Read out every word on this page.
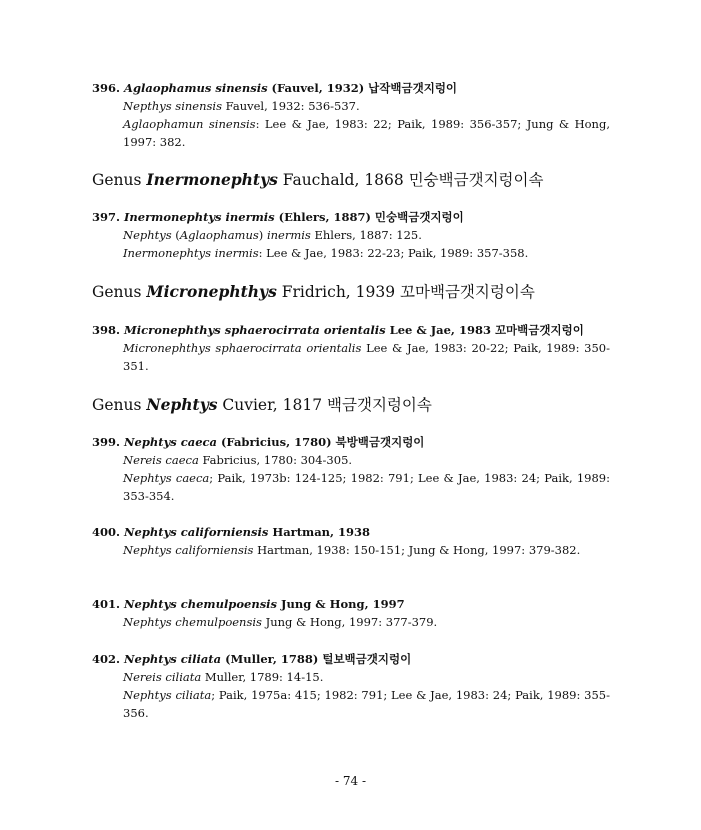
396. Aglaophamus sinensis (Fauvel, 1932) 납작백금갯지렁이
Nepthys sinensis Fauvel, 1932: 536-537.
Aglaophamun sinensis: Lee & Jae, 1983: 22; Paik, 1989: 356-357; Jung & Hong, 1997: 382.
Genus Inermonephtys Fauchald, 1868 민숭백금갯지렁이속
397. Inermonephtys inermis (Ehlers, 1887) 민숭백금갯지렁이
Nephtys (Aglaophamus) inermis Ehlers, 1887: 125.
Inermonephtys inermis: Lee & Jae, 1983: 22-23; Paik, 1989: 357-358.
Genus Micronephthys Fridrich, 1939 꼬마백금갯지렁이속
398. Micronephthys sphaerocirrata orientalis Lee & Jae, 1983 꼬마백금갯지렁이
Micronephthys sphaerocirrata orientalis Lee & Jae, 1983: 20-22; Paik, 1989: 350-351.
Genus Nephtys Cuvier, 1817 백금갯지렁이속
399. Nephtys caeca (Fabricius, 1780) 북방백금갯지렁이
Nereis caeca Fabricius, 1780: 304-305.
Nephtys caeca; Paik, 1973b: 124-125; 1982: 791; Lee & Jae, 1983: 24; Paik, 1989: 353-354.
400. Nephtys californiensis Hartman, 1938
Nephtys californiensis Hartman, 1938: 150-151; Jung & Hong, 1997: 379-382.
401. Nephtys chemulpoensis Jung & Hong, 1997
Nephtys chemulpoensis Jung & Hong, 1997: 377-379.
402. Nephtys ciliata (Muller, 1788) 털보백금갯지렁이
Nereis ciliata Muller, 1789: 14-15.
Nephtys ciliata; Paik, 1975a: 415; 1982: 791; Lee & Jae, 1983: 24; Paik, 1989: 355-356.
- 74 -
